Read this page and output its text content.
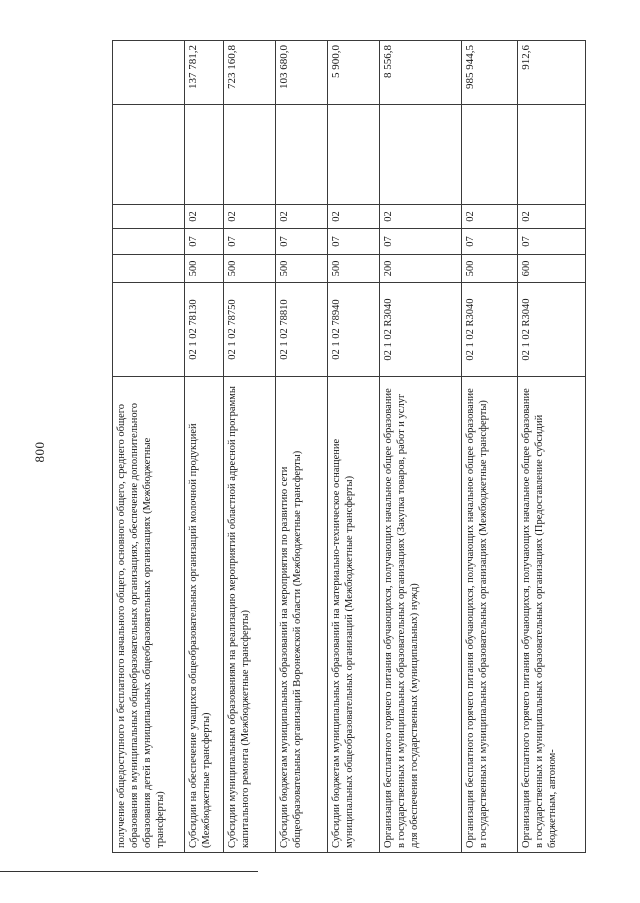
800	получение общедоступного и бесплатного начального общего, основного общего, среднего общего образования в муниципальных общеобразовательных организациях, обеспечение дополнительного образования детей в муниципальных общеобразовательных организациях (Межбюджетные трансферты)						
Субсидии на обеспечение учащихся общеобразовательных организаций молочной продукцией (Межбюджетные трансферты)	02 1 02 78130	500	07	02		137 781,2
Субсидии муниципальным образованиям на реализацию мероприятий областной адресной программы капитального ремонта (Межбюджетные трансферты)	02 1 02 78750	500	07	02		723 160,8
Субсидии бюджетам муниципальных образований на мероприятия по развитию сети общеобразовательных организаций Воронежской области (Межбюджетные трансферты)	02 1 02 78810	500	07	02		103 680,0
Субсидии бюджетам муниципальных образований на материально-техническое оснащение муниципальных общеобразовательных организаций (Межбюджетные трансферты)	02 1 02 78940	500	07	02		5 900,0
Организация бесплатного горячего питания обучающихся, получающих начальное общее образование в государственных и муниципальных образовательных организациях (Закупка товаров, работ и услуг для обеспечения государственных (муниципальных) нужд)	02 1 02 R3040	200	07	02		8 556,8
Организация бесплатного горячего питания обучающихся, получающих начальное общее образование в государственных и муниципальных образовательных организациях (Межбюджетные трансферты)	02 1 02 R3040	500	07	02		985 944,5
Организация бесплатного горячего питания обучающихся, получающих начальное общее образование в государственных и муниципальных образовательных организациях (Предоставление субсидий бюджетным, автоном-	02 1 02 R3040	600	07	02		912,6
